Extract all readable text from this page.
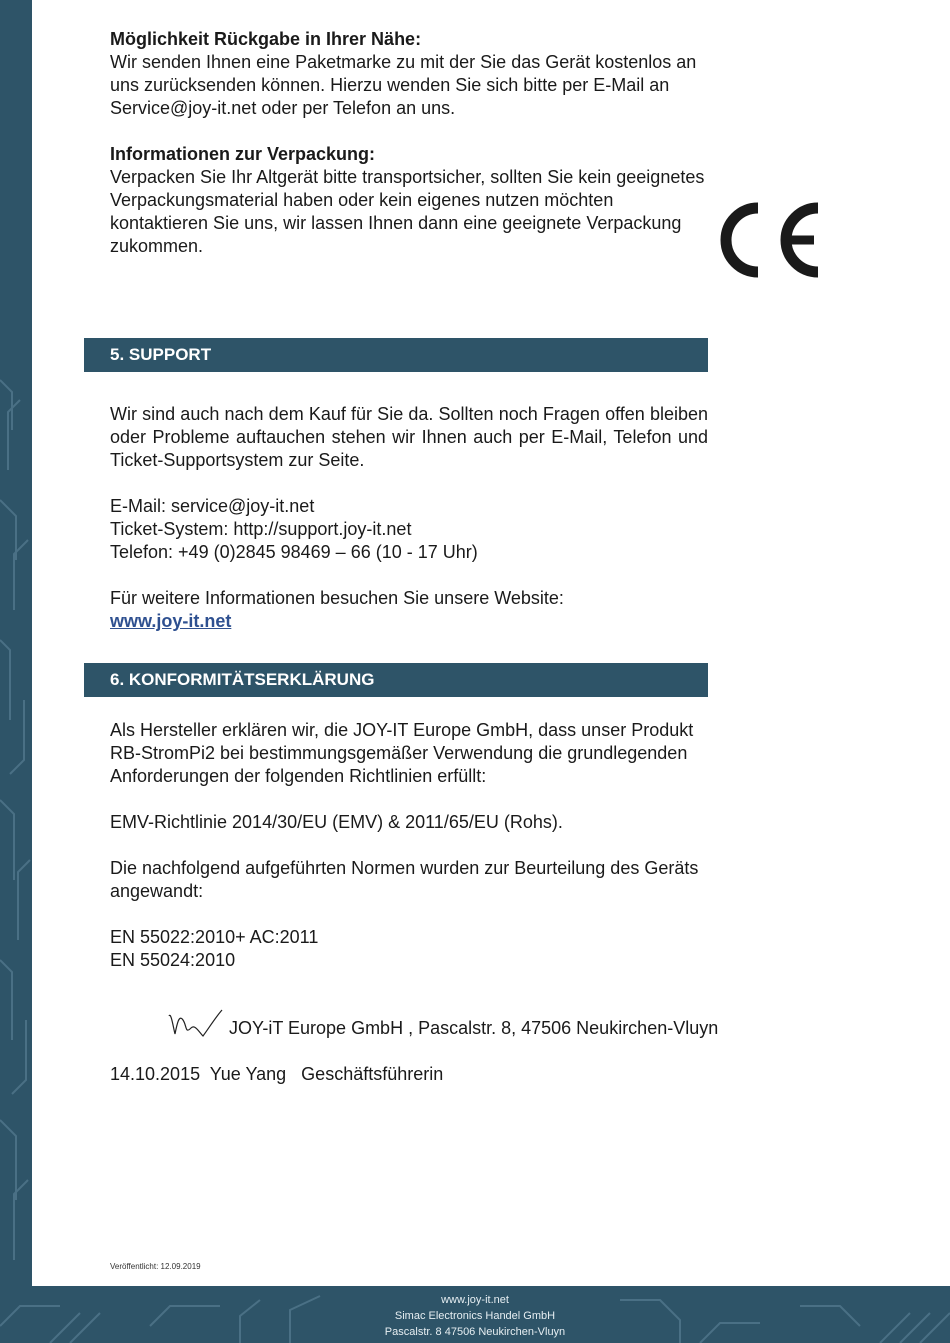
Möglichkeit Rückgabe in Ihrer Nähe:

Wir senden Ihnen eine Paketmarke zu mit der Sie das Gerät kostenlos an

uns zurücksenden können. Hierzu wenden Sie sich bitte per E-Mail an

Service@joy-it.net oder per Telefon an uns.

Informationen zur Verpackung:

Verpacken Sie Ihr Altgerät bitte transportsicher, sollten Sie kein geeignetes

Verpackungsmaterial haben oder kein eigenes nutzen möchten

kontaktieren Sie uns, wir lassen Ihnen dann eine geeignete Verpackung

zukommen.

5. SUPPORT

Wir sind auch nach dem Kauf für Sie da. Sollten noch Fragen offen bleiben oder Probleme auftauchen stehen wir Ihnen auch per E-Mail, Telefon und Ticket-Supportsystem zur Seite.

E-Mail: service@joy-it.net

Ticket-System: http://support.joy-it.net

Telefon: +49 (0)2845 98469 – 66 (10 - 17 Uhr)

Für weitere Informationen besuchen Sie unsere Website:

www.joy-it.net

6. KONFORMITÄTSERKLÄRUNG

Als Hersteller erklären wir, die JOY-IT Europe GmbH, dass unser Produkt

RB-StromPi2 bei bestimmungsgemäßer Verwendung die grundlegenden

Anforderungen der folgenden Richtlinien erfüllt:

EMV-Richtlinie 2014/30/EU (EMV) & 2011/65/EU (Rohs).

Die nachfolgend aufgeführten Normen wurden zur Beurteilung des Geräts

angewandt:

EN 55022:2010+ AC:2011

EN 55024:2010

JOY-iT Europe GmbH , Pascalstr. 8, 47506 Neukirchen-Vluyn

14.10.2015  Yue Yang   Geschäftsführerin

Veröffentlicht: 12.09.2019
www.joy-it.net
Simac Electronics Handel GmbH
Pascalstr. 8 47506 Neukirchen-Vluyn
